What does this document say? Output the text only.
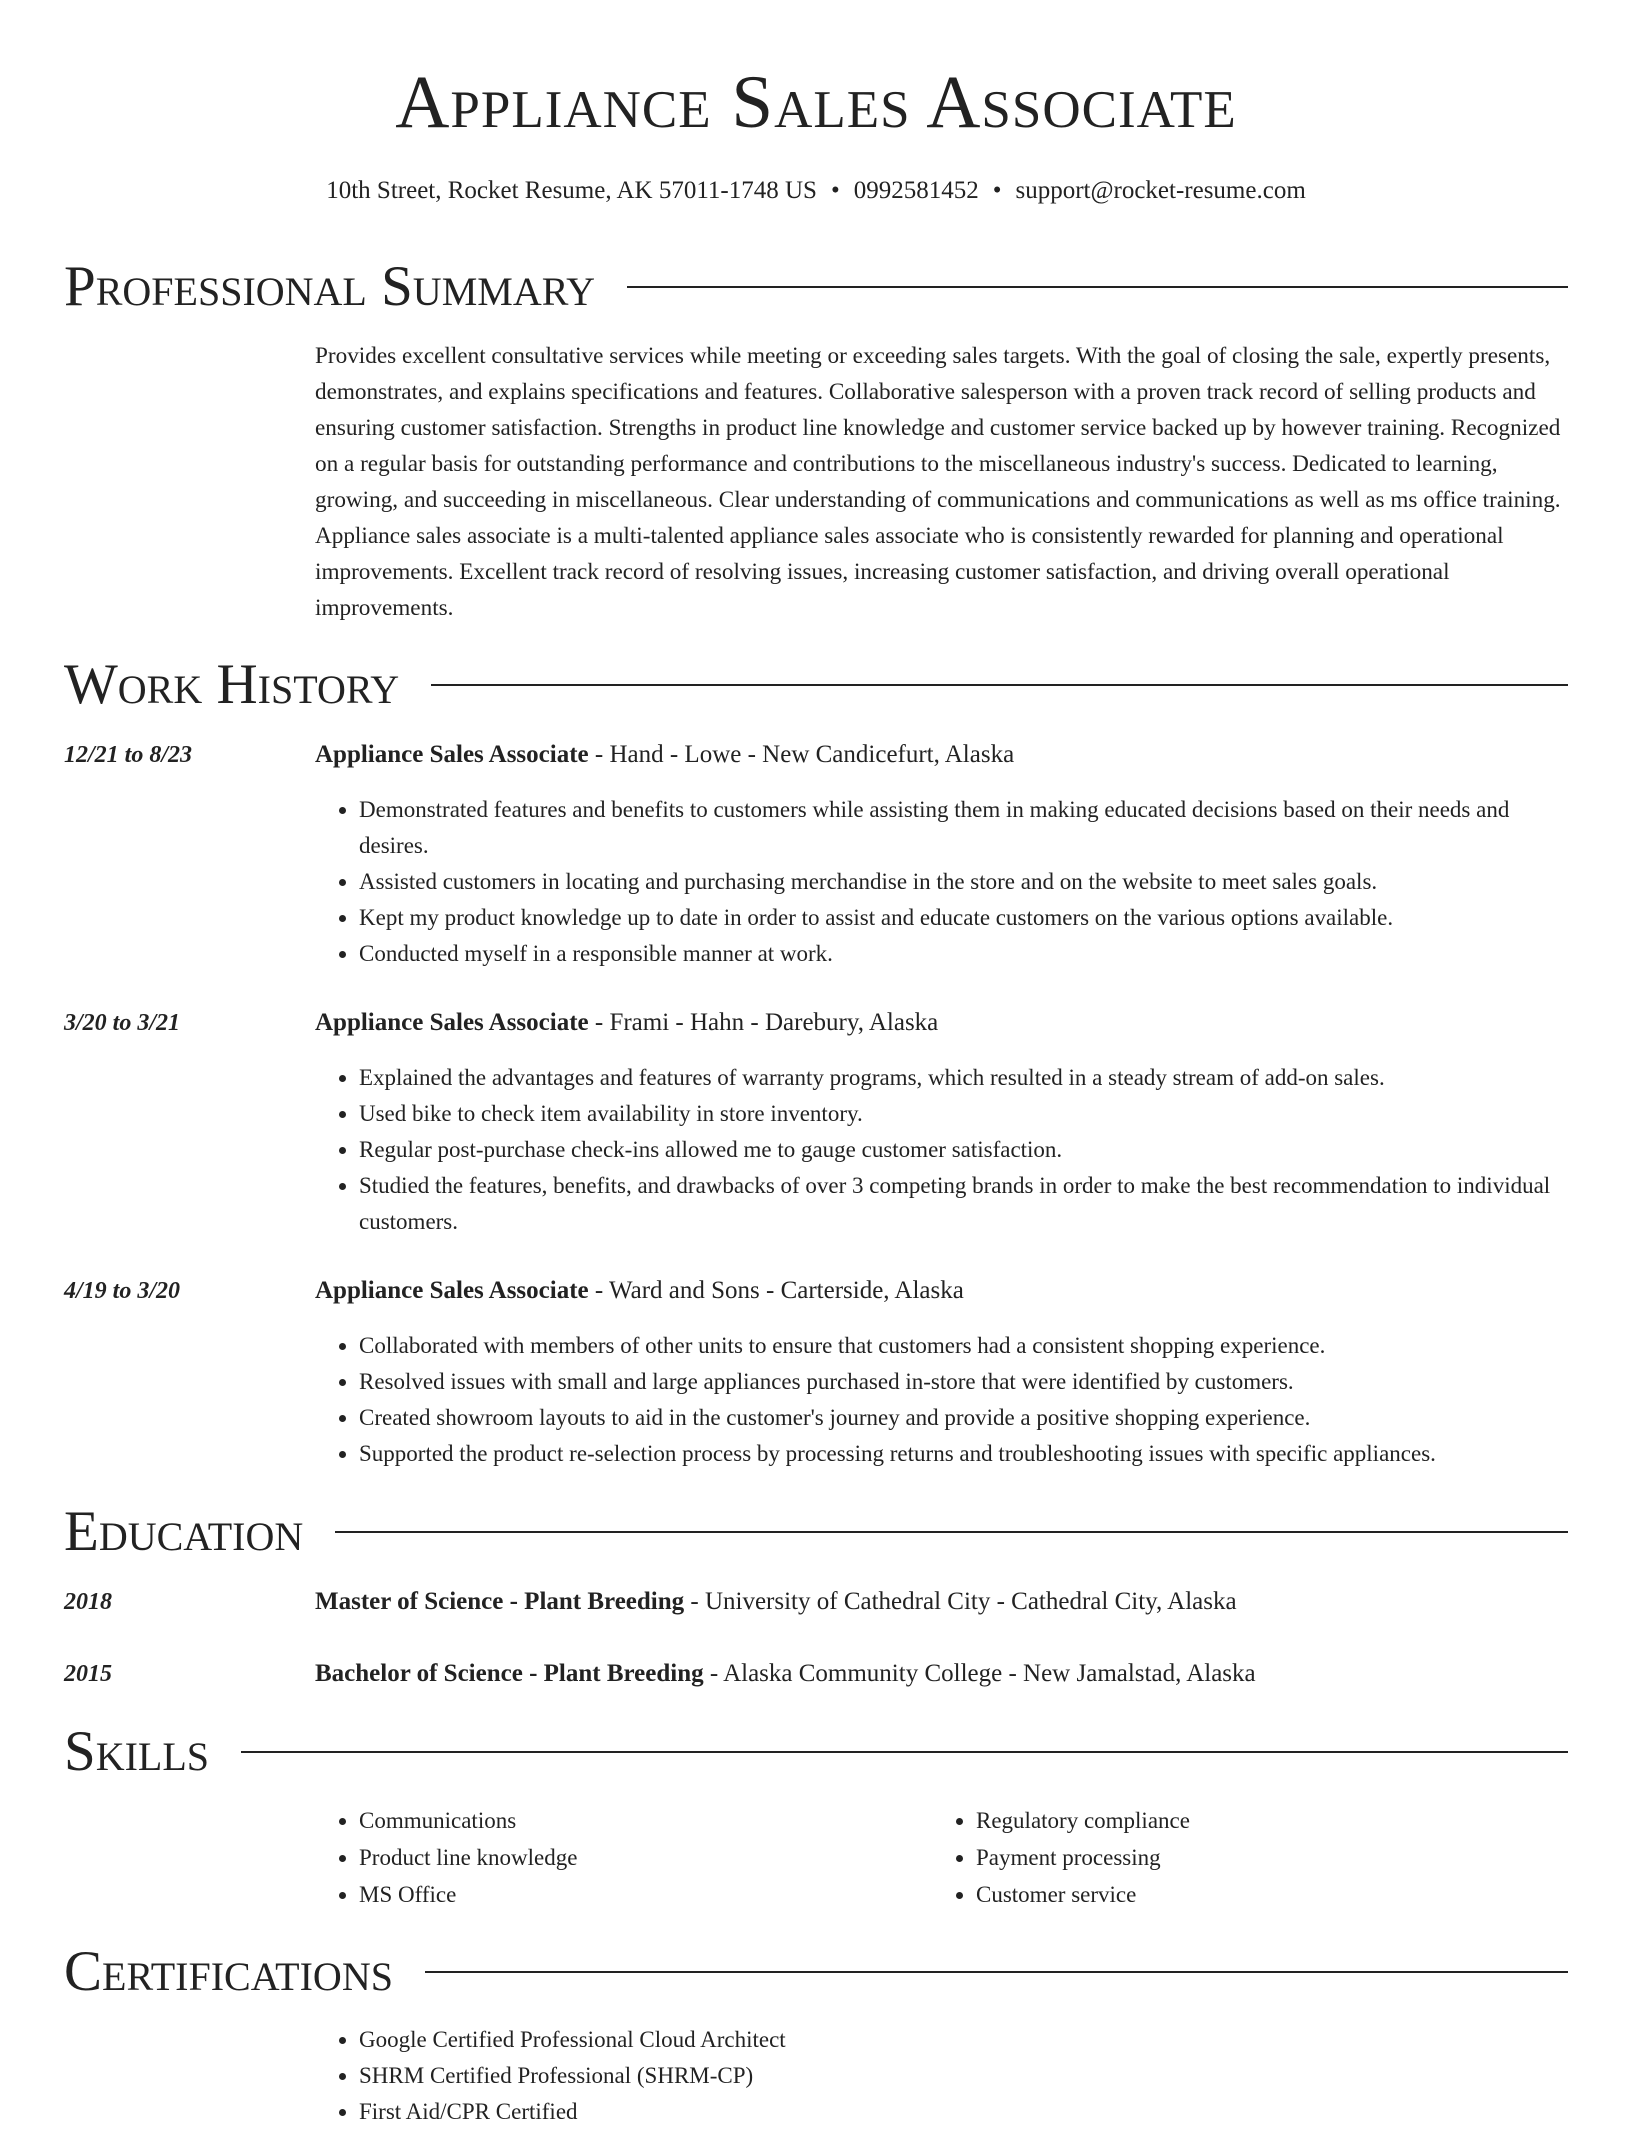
Appliance Sales Associate
10th Street, Rocket Resume, AK 57011-1748 US • 0992581452 • support@rocket-resume.com
Professional Summary

Provides excellent consultative services while meeting or exceeding sales targets. With the goal of closing the sale, expertly presents, demonstrates, and explains specifications and features. Collaborative salesperson with a proven track record of selling products and ensuring customer satisfaction. Strengths in product line knowledge and customer service backed up by however training. Recognized on a regular basis for outstanding performance and contributions to the miscellaneous industry's success. Dedicated to learning, growing, and succeeding in miscellaneous. Clear understanding of communications and communications as well as ms office training. Appliance sales associate is a multi-talented appliance sales associate who is consistently rewarded for planning and operational improvements. Excellent track record of resolving issues, increasing customer satisfaction, and driving overall operational improvements.

Work History
12/21 to 8/23	Appliance Sales Associate - Hand - Lowe - New Candicefurt, Alaska
• Demonstrated features and benefits to customers while assisting them in making educated decisions based on their needs and desires.
• Assisted customers in locating and purchasing merchandise in the store and on the website to meet sales goals.
• Kept my product knowledge up to date in order to assist and educate customers on the various options available.
• Conducted myself in a responsible manner at work.
3/20 to 3/21	Appliance Sales Associate - Frami - Hahn - Darebury, Alaska
• Explained the advantages and features of warranty programs, which resulted in a steady stream of add-on sales.
• Used bike to check item availability in store inventory.
• Regular post-purchase check-ins allowed me to gauge customer satisfaction.
• Studied the features, benefits, and drawbacks of over 3 competing brands in order to make the best recommendation to individual customers.
4/19 to 3/20	Appliance Sales Associate - Ward and Sons - Carterside, Alaska
• Collaborated with members of other units to ensure that customers had a consistent shopping experience.
• Resolved issues with small and large appliances purchased in-store that were identified by customers.
• Created showroom layouts to aid in the customer's journey and provide a positive shopping experience.
• Supported the product re-selection process by processing returns and troubleshooting issues with specific appliances.
Education
2018	Master of Science - Plant Breeding - University of Cathedral City - Cathedral City, Alaska
2015	Bachelor of Science - Plant Breeding - Alaska Community College - New Jamalstad, Alaska
Skills
• Communications
• Product line knowledge
• MS Office
• Regulatory compliance
• Payment processing
• Customer service
Certifications
• Google Certified Professional Cloud Architect
• SHRM Certified Professional (SHRM-CP)
• First Aid/CPR Certified
